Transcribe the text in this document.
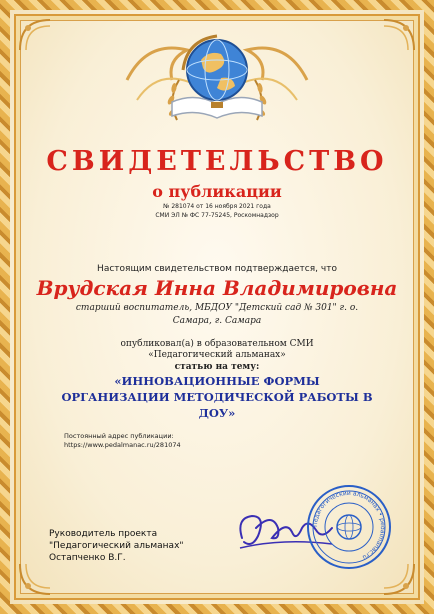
СВИДЕТЕЛЬСТВО
о публикации
№ 281074 от 16 ноября 2021 года
СМИ ЭЛ № ФС 77-75245, Роскомнадзор
Настоящим свидетельством подтверждается, что
Врудская Инна Владимировна
старший воспитатель, МБДОУ "Детский сад № 301" г. о. Самара, г. Самара
опубликовал(а) в образовательном СМИ
«Педагогический альманах»
статью на тему:
«ИННОВАЦИОННЫЕ ФОРМЫ ОРГАНИЗАЦИИ МЕТОДИЧЕСКОЙ РАБОТЫ В ДОУ»
Постоянный адрес публикации:
https://www.pedalmanac.ru/281074
Руководитель проекта
"Педагогический альманах"
Остапченко В.Г.
Педагогический альманах • pedalmanac.ru
